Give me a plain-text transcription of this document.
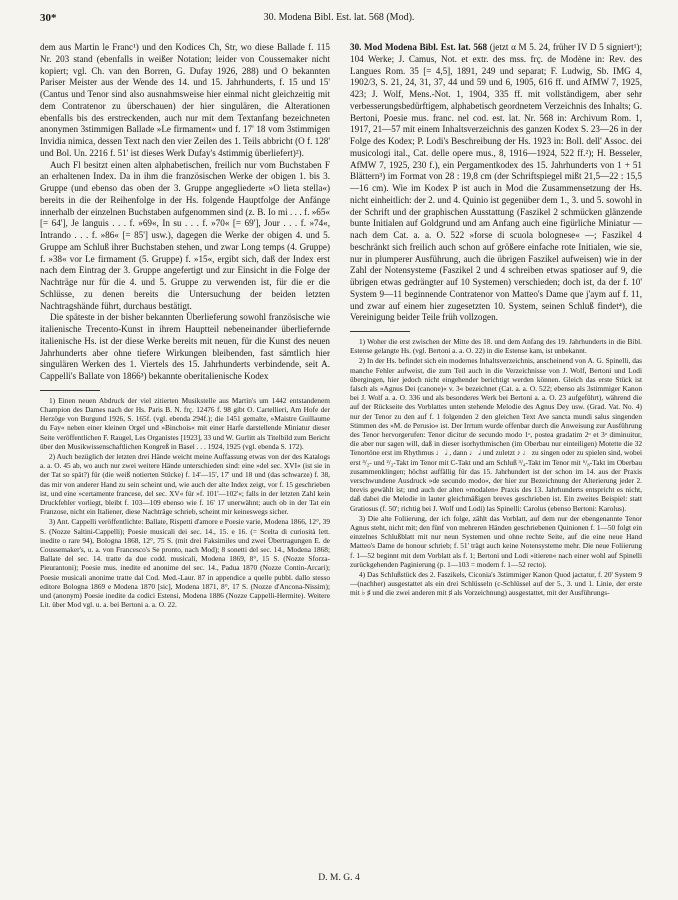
30*	30. Modena Bibl. Est. lat. 568 (Mod).

dem aus Martin le Franc¹) und den Kodices Ch, Str, wo diese Ballade f. 115 Nr. 203 stand (ebenfalls in weißer Notation; leider von Coussemaker nicht kopiert; vgl. Ch. van den Borren, G. Dufay 1926, 288) und O bekannten Pariser Meister aus der Wende des 14. und 15. Jahrhunderts, f. 15 und 15' (Cantus und Tenor sind also ausnahmsweise hier einmal nicht gleichzeitig mit dem Contratenor zu überschauen) der hier singulären, die Alterationen ebenfalls bis des erstreckenden, auch nur mit dem Textanfang bezeichneten anonymen 3stimmigen Ballade »Le firmament« und f. 17' 18 vom 3stimmigen Invidia nimica, dessen Text nach den vier Zeilen des 1. Teils abbricht (O f. 128' und Bol. Un. 2216 f. 51' ist dieses Werk Dufay's 4stimmig überliefert)²).

Auch Fl besitzt einen alten alphabetischen, freilich nur vom Buchstaben F an erhaltenen Index. Da in ihm die französischen Werke der obigen 1. bis 3. Gruppe (und ebenso das oben der 3. Gruppe angegliederte »O lieta stella«) bereits in die der Reihenfolge in der Hs. folgende Hauptfolge der Anfänge innerhalb der einzelnen Buchstaben aufgenommen sind (z. B. Io mi . . . f. »65« [= 64'], Je languis . . . f. »69«, In su . . . f. »70« [= 69'], Jour . . . f. »74«, Intrando . . . f. »86« [= 85'] usw.), dagegen die Werke der obigen 4. und 5. Gruppe am Schluß ihrer Buchstaben stehen, und zwar Long temps (4. Gruppe) f. »38« vor Le firmament (5. Gruppe) f. »15«, ergibt sich, daß der Index erst nach dem Eintrag der 3. Gruppe angefertigt und zur Einsicht in die Folge der Nachträge nur für die 4. und 5. Gruppe zu verwenden ist, für die er die Schlüsse, zu denen bereits die Untersuchung der beiden letzten Nachtragshände führt, durchaus bestätigt.

Die späteste in der bisher bekannten Überlieferung sowohl französische wie italienische Trecento-Kunst in ihrem Hauptteil nebeneinander überliefernde italienische Hs. ist der diese Werke bereits mit neuen, für die Kunst des neuen Jahrhunderts aber ohne tiefere Wirkungen bleibenden, fast sämtlich hier singulären Werken des 1. Viertels des 15. Jahrhunderts verbindende, seit A. Cappelli's Ballate von 1866³) bekannte oberitalienische Kodex

1) Einen neuen Abdruck der viel zitierten Musikstelle aus Martin's um 1442 entstandenem Champion des Dames nach der Hs. Paris B. N. frç. 12476 f. 98 gibt O. Cartellieri, Am Hofe der Herzöge von Burgund 1926, S. 165f. (vgl. ebenda 294f.); die 1451 gemalte, »Maistre Guillaume du Fay« neben einer kleinen Orgel und »Binchois« mit einer Harfe darstellende Miniatur dieser Seite veröffentlichen F. Raugel, Les Organistes [1923], 33 und W. Gurlitt als Titelbild zum Bericht über den Musikwissenschaftlichen Kongreß in Basel . . . 1924, 1925 (vgl. ebenda S. 172).

2) Auch bezüglich der letzten drei Hände weicht meine Auffassung etwas von der des Katalogs a. a. O. 45 ab, wo auch nur zwei weitere Hände unterschieden sind: eine »del sec. XVI« (ist sie in der Tat so spät?) für (die weiß notierten Stücke) f. 14'—15', 17' und 18 und (das schwarze) f. 38, das mir von anderer Hand zu sein scheint und, wie auch der alte Index zeigt, vor f. 15 geschrieben ist, und eine »certamente francese, del sec. XV« für »f. 101'—102'«; falls in der letzten Zahl kein Druckfehler vorliegt, bleibt f. 103—109 ebenso wie f. 16' 17 unerwähnt; auch ob in der Tat ein Franzose, nicht ein Italiener, diese Nachträge schrieb, scheint mir keineswegs sicher.

3) Ant. Cappelli veröffentlichte: Ballate, Rispetti d'amore e Poesie varie, Modena 1866, 12°, 39 S. (Nozze Saltini-Cappelli); Poesie musicali dei sec. 14., 15. e 16. (= Scelta di curiosità lett. inedite o rare 94), Bologna 1868, 12°, 75 S. (mit drei Faksimiles und zwei Übertragungen E. de Coussemaker's, u. a. von Francesco's Se pronto, nach Mod); 8 sonetti del sec. 14., Modena 1868; Ballate del sec. 14. tratte da due codd. musicali, Modena 1869, 8°, 15 S. (Nozze Sforza-Pieurantoni); Poesie mus. inedite ed anonime del sec. 14., Padua 1870 (Nozze Contin-Arcari); Poesie musicali anonime tratte dal Cod. Med.-Laur. 87 in appendice a quelle pubbl. dallo stesso editore Bologna 1869 e Modena 1870 [sic], Modena 1871, 8°, 17 S. (Nozze d'Ancona-Nissim); und (anonym) Poesie inedite da codici Estensi, Modena 1886 (Nozze Cappelli-Hermite). Weitere Lit. über Mod vgl. u. a. bei Bertoni a. a. O. 22.

30. Mod Modena Bibl. Est. lat. 568 (jetzt α M 5. 24, früher IV D 5 signiert¹); 104 Werke; J. Camus, Not. et extr. des mss. frç. de Modène in: Rev. des Langues Rom. 35 [= 4,5], 1891, 249 und separat; F. Ludwig, Sb. IMG 4, 1902/3, S. 21, 24, 31, 37, 44 und 59 und 6, 1905, 616 ff. und AfMW 7, 1925, 423; J. Wolf, Mens.-Not. 1, 1904, 335 ff. mit vollständigem, aber sehr verbesserungsbedürftigem, alphabetisch geordnetem Verzeichnis des Inhalts; G. Bertoni, Poesie mus. franc. nel cod. est. lat. Nr. 568 in: Archivum Rom. 1, 1917, 21—57 mit einem Inhaltsverzeichnis des ganzen Kodex S. 23—26 in der Folge des Kodex; P. Lodi's Beschreibung der Hs. 1923 in: Boll. dell' Assoc. dei musicologi ital., Cat. delle opere mus., 8, 1916—1924, 522 ff.²); H. Besseler, AfMW 7, 1925, 230 f.), ein Pergamentkodex des 15. Jahrhunderts von 1 + 51 Blättern³) im Format von 28 : 19,8 cm (der Schriftspiegel mißt 21,5—22 : 15,5—16 cm). Wie im Kodex P ist auch in Mod die Zusammensetzung der Hs. nicht einheitlich: der 2. und 4. Quinio ist gegenüber dem 1., 3. und 5. sowohl in der Schrift und der graphischen Ausstattung (Faszikel 2 schmücken glänzende bunte Initialen auf Goldgrund und am Anfang auch eine figürliche Miniatur — nach dem Cat. a. a. O. 522 »forse di scuola bolognese« —; Faszikel 4 beschränkt sich freilich auch schon auf größere einfache rote Initialen, wie sie, nur in plumperer Ausführung, auch die übrigen Faszikel aufweisen) wie in der Zahl der Notensysteme (Faszikel 2 und 4 schreiben etwas spatioser auf 9, die übrigen etwas gedrängter auf 10 Systemen) verschieden; doch ist, da der f. 10' System 9—11 beginnende Contratenor von Matteo's Dame que j'aym auf f. 11, und zwar auf einem hier zugesetzten 10. System, seinen Schluß findet⁴), die Vereinigung beider Teile früh vollzogen.

1) Woher die erst zwischen der Mitte des 18. und dem Anfang des 19. Jahrhunderts in die Bibl. Estense gelangte Hs. (vgl. Bertoni a. a. O. 22) in die Estense kam, ist unbekannt.

2) In der Hs. befindet sich ein modernes Inhaltsverzeichnis, anscheinend von A. G. Spinelli, das manche Fehler aufweist, die zum Teil auch in die Verzeichnisse von J. Wolf, Bertoni und Lodi übergingen, hier jedoch nicht eingehender berichtigt werden können. Gleich das erste Stück ist falsch als »Agnus Dei (canone)« v. 3« bezeichnet (Cat. a. a. O. 522; ebenso als 3stimmiger Kanon bei J. Wolf a. a. O. 336 und als besonderes Werk bei Bertoni a. a. O. 23 aufgeführt), während die auf der Rückseite des Vorblattes unten stehende Melodie des Agnus Dey usw. (Grad. Vat. No. 4) nur der Tenor zu den auf f. 1 folgenden 2 den gleichen Text Ave sancta mundi salus singenden Stimmen des »M. de Perusio« ist. Der Irrtum wurde offenbar durch die Anweisung zur Ausführung des Tenor hervorgerufen: Tenor dicitur de secundo modo 1ᵒ, postea gradatim 2ᵒ et 3ᵒ diminuitur, die aber nur sagen will, daß in dieser isorhythmischen (im Oberbau nur einteiligen) Motette die 32 Tenortöne erst im Rhythmus ♩ 𝅗𝅥 , dann ♩ 𝅗𝅥 und zuletzt ♪ ♩ zu singen oder zu spielen sind, wobei erst ³/₂- und ²/₂-Takt im Tenor mit C-Takt und am Schluß ³/₄-Takt im Tenor mit ⁶/₈-Takt im Oberbau zusammenklingen; höchst auffällig für das 15. Jahrhundert ist der schon im 14. aus der Praxis verschwundene Ausdruck »de secundo modo«, der hier zur Bezeichnung der Alterierung jeder 2. brevis gewählt ist; und auch der alten »modalen« Praxis des 13. Jahrhunderts entspricht es nicht, daß dabei die Melodie in lauter gleichmäßigen breves geschrieben ist. Ein zweites Beispiel: statt Gratiosus (f. 50'; richtig bei J. Wolf und Lodi) las Spinelli: Carolus (ebenso Bertoni: Karolus).

3) Die alte Foliierung, der ich folge, zählt das Vorblatt, auf dem nur der ebengenannte Tenor Agnus steht, nicht mit; den fünf von mehreren Händen geschriebenen Quinionen f. 1—50 folgt ein einzelnes Schlußblatt mit nur neun Systemen und ohne rechte Seite, auf die eine neue Hand Matteo's Dame de honour schrieb; f. 51' trägt auch keine Notensysteme mehr. Die neue Foliierung f. 1—52 beginnt mit dem Vorblatt als f. 1; Bertoni und Lodi »itieren« nach einer wohl auf Spinelli zurückgehenden Paginierung (p. 1—103 = modern f. 1—52 recto).

4) Das Schlußstück des 2. Faszikels, Ciconia's 3stimmiger Kanon Quod jactatur, f. 20' System 9—(nachher) ausgestattet als ein drei Schlüsseln (c-Schlüssel auf der 5., 3. und 1. Linie, der erste mit ♭ ♯ und die zwei anderen mit ♯ als Vorzeichnung) ausgestattet, mit der Ausführungs-

D. M. G. 4
